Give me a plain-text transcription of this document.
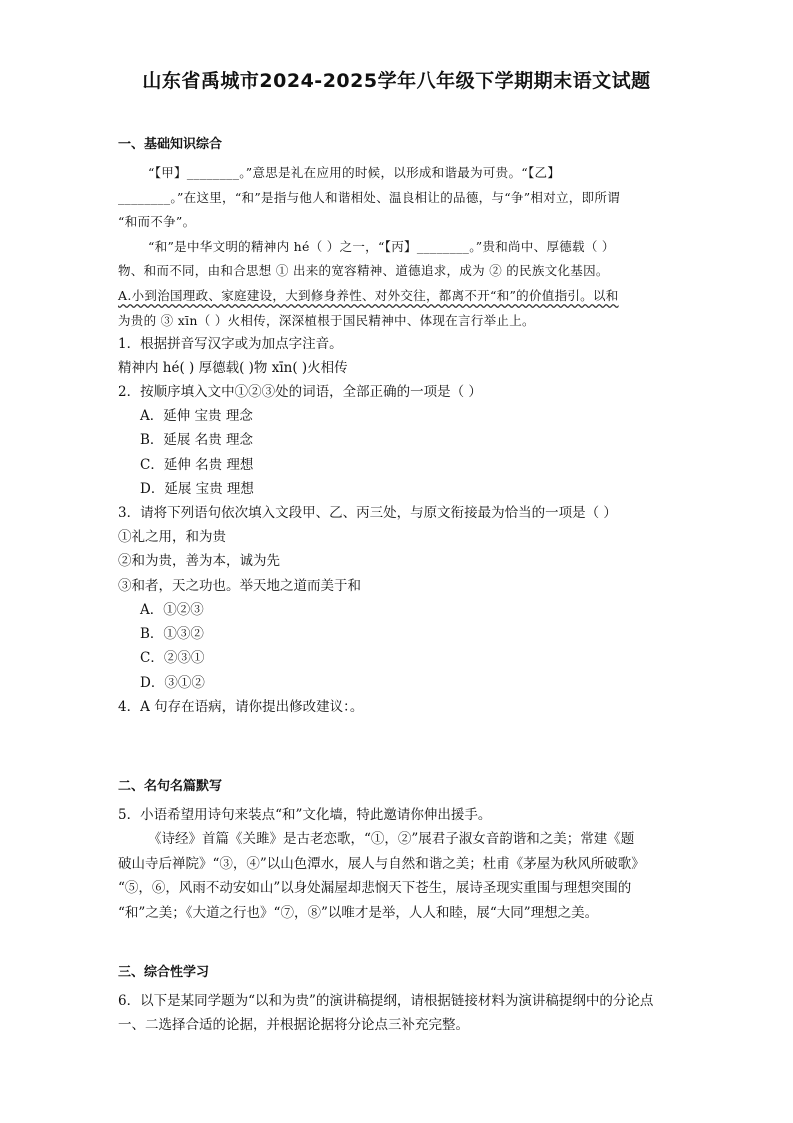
山东省禹城市2024-2025学年八年级下学期期末语文试题
一、基础知识综合
“【甲】________。”意思是礼在应用的时候，以形成和谐最为可贵。“【乙】
________。”在这里，“和”是指与他人和谐相处、温良相让的品德，与“争”相对立，即所谓
“和而不争”。
“和”是中华文明的精神内 hé（ ）之一，“【丙】________。”贵和尚中、厚德载（ ）
物、和而不同，由和合思想 ① 出来的宽容精神、道德追求，成为 ② 的民族文化基因。
A.小到治国理政、家庭建设，大到修身养性、对外交往，都离不开“和”的价值指引。以和
为贵的 ③ xīn（ ）火相传，深深植根于国民精神中、体现在言行举止上。
1．根据拼音写汉字或为加点字注音。
精神内 hé( ) 厚德载( )物 xīn( )火相传
2．按顺序填入文中①②③处的词语，全部正确的一项是（ ）
A．延伸 宝贵 理念
B．延展 名贵 理念
C．延伸 名贵 理想
D．延展 宝贵 理想
3．请将下列语句依次填入文段甲、乙、丙三处，与原文衔接最为恰当的一项是（ ）
①礼之用，和为贵
②和为贵，善为本，诚为先
③和者，天之功也。举天地之道而美于和
A．①②③
B．①③②
C．②③①
D．③①②
4．A 句存在语病，请你提出修改建议：。
二、名句名篇默写
5．小语希望用诗句来装点“和”文化墙，特此邀请你伸出援手。
《诗经》首篇《关雎》是古老恋歌，“①，②”展君子淑女音韵谐和之美；常建《题
破山寺后禅院》“③，④”以山色潭水，展人与自然和谐之美；杜甫《茅屋为秋风所破歌》
“⑤，⑥，风雨不动安如山”以身处漏屋却悲悯天下苍生，展诗圣现实重围与理想突围的
“和”之美；《大道之行也》“⑦，⑧”以唯才是举，人人和睦，展“大同”理想之美。
三、综合性学习
6．以下是某同学题为“以和为贵”的演讲稿提纲，请根据链接材料为演讲稿提纲中的分论点
一、二选择合适的论据，并根据论据将分论点三补充完整。
